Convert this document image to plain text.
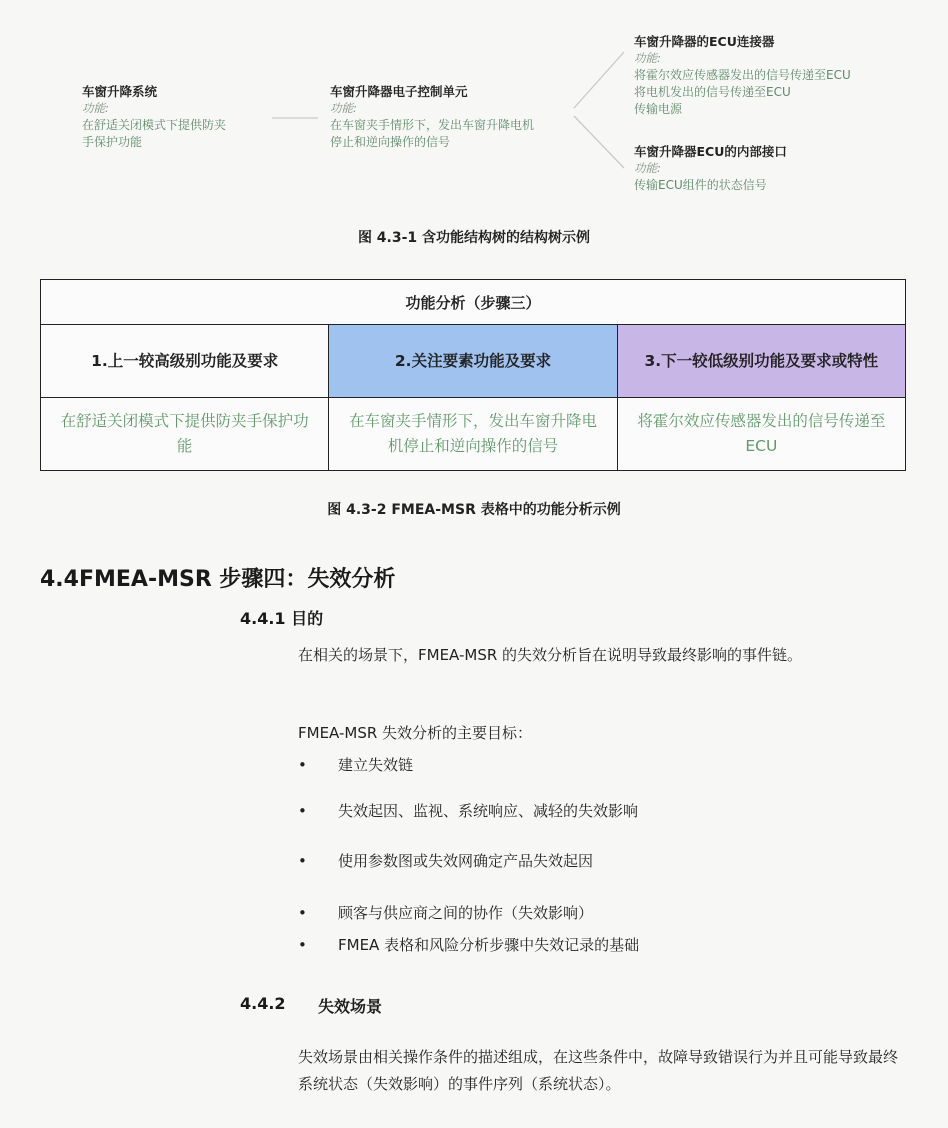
车窗升降系统
功能:
在舒适关闭模式下提供防夹
手保护功能
车窗升降器电子控制单元
功能:
在车窗夹手情形下，发出车窗升降电机
停止和逆向操作的信号
车窗升降器的ECU连接器
功能:
将霍尔效应传感器发出的信号传递至ECU
将电机发出的信号传递至ECU
传输电源
车窗升降器ECU的内部接口
功能:
传输ECU组件的状态信号
图 4.3-1 含功能结构树的结构树示例
功能分析（步骤三）		
1.上一较高级别功能及要求	2.关注要素功能及要求	3.下一较低级别功能及要求或特性
在舒适关闭模式下提供防夹手保护功能	在车窗夹手情形下，发出车窗升降电机停止和逆向操作的信号	将霍尔效应传感器发出的信号传递至 ECU
图 4.3-2 FMEA-MSR 表格中的功能分析示例
4.4FMEA-MSR 步骤四：失效分析
4.4.1 目的
在相关的场景下，FMEA-MSR 的失效分析旨在说明导致最终影响的事件链。
FMEA-MSR 失效分析的主要目标：
• 建立失效链
• 失效起因、监视、系统响应、减轻的失效影响
• 使用参数图或失效网确定产品失效起因
• 顾客与供应商之间的协作（失效影响）
• FMEA 表格和风险分析步骤中失效记录的基础
4.4.2 失效场景
失效场景由相关操作条件的描述组成，在这些条件中，故障导致错误行为并且可能导致最终系统状态（失效影响）的事件序列（系统状态）。
